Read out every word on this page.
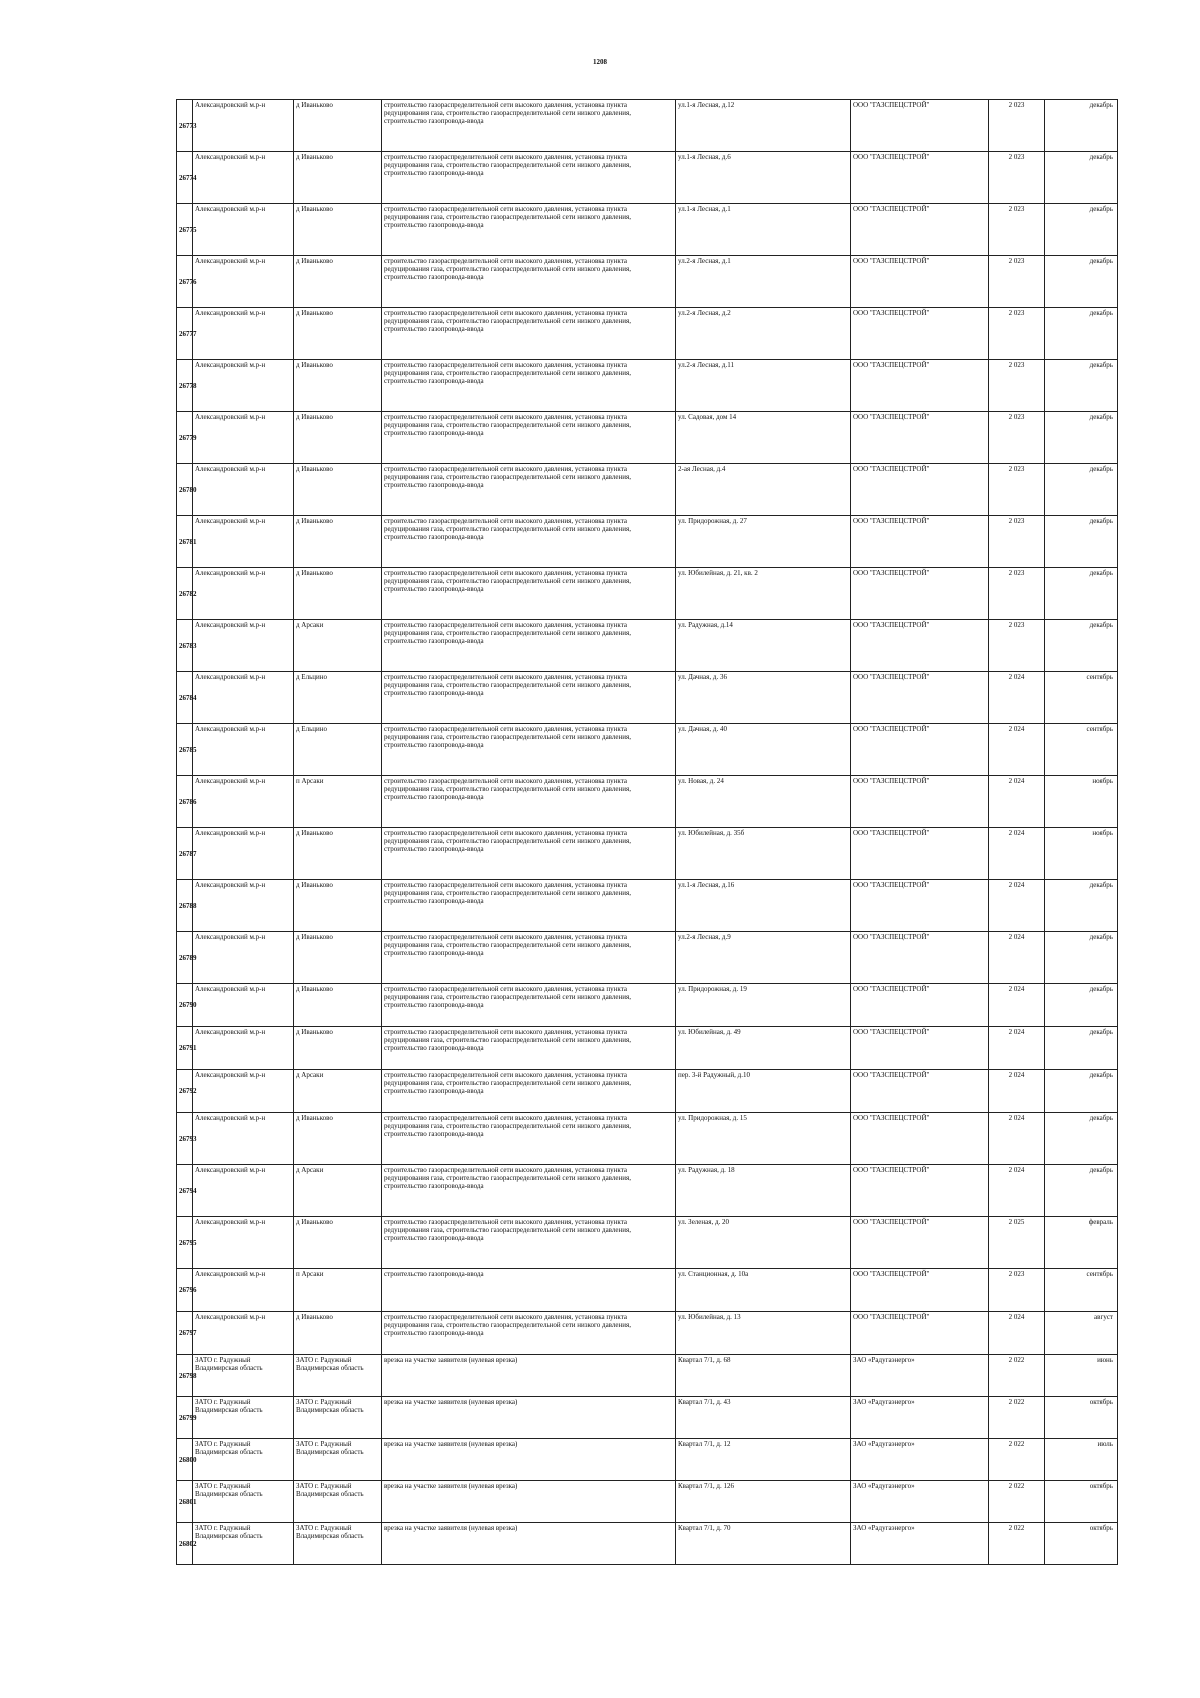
1208
26773	Александровский м.р-н	д Иваньково	строительство газораспределительной сети высокого давления, установка пункта редуцирования газа, строительство газораспределительной сети низкого давления, строительство газопровода-ввода	ул.1-я Лесная, д.12	ООО "ГАЗСПЕЦСТРОЙ"	2 023	декабрь
26774	Александровский м.р-н	д Иваньково	строительство газораспределительной сети высокого давления, установка пункта редуцирования газа, строительство газораспределительной сети низкого давления, строительство газопровода-ввода	ул.1-я Лесная, д.6	ООО "ГАЗСПЕЦСТРОЙ"	2 023	декабрь
26775	Александровский м.р-н	д Иваньково	строительство газораспределительной сети высокого давления, установка пункта редуцирования газа, строительство газораспределительной сети низкого давления, строительство газопровода-ввода	ул.1-я Лесная, д.1	ООО "ГАЗСПЕЦСТРОЙ"	2 023	декабрь
26776	Александровский м.р-н	д Иваньково	строительство газораспределительной сети высокого давления, установка пункта редуцирования газа, строительство газораспределительной сети низкого давления, строительство газопровода-ввода	ул.2-я Лесная, д.1	ООО "ГАЗСПЕЦСТРОЙ"	2 023	декабрь
26777	Александровский м.р-н	д Иваньково	строительство газораспределительной сети высокого давления, установка пункта редуцирования газа, строительство газораспределительной сети низкого давления, строительство газопровода-ввода	ул.2-я Лесная, д.2	ООО "ГАЗСПЕЦСТРОЙ"	2 023	декабрь
26778	Александровский м.р-н	д Иваньково	строительство газораспределительной сети высокого давления, установка пункта редуцирования газа, строительство газораспределительной сети низкого давления, строительство газопровода-ввода	ул.2-я Лесная, д.11	ООО "ГАЗСПЕЦСТРОЙ"	2 023	декабрь
26779	Александровский м.р-н	д Иваньково	строительство газораспределительной сети высокого давления, установка пункта редуцирования газа, строительство газораспределительной сети низкого давления, строительство газопровода-ввода	ул. Садовая, дом 14	ООО "ГАЗСПЕЦСТРОЙ"	2 023	декабрь
26780	Александровский м.р-н	д Иваньково	строительство газораспределительной сети высокого давления, установка пункта редуцирования газа, строительство газораспределительной сети низкого давления, строительство газопровода-ввода	2-ая Лесная, д.4	ООО "ГАЗСПЕЦСТРОЙ"	2 023	декабрь
26781	Александровский м.р-н	д Иваньково	строительство газораспределительной сети высокого давления, установка пункта редуцирования газа, строительство газораспределительной сети низкого давления, строительство газопровода-ввода	ул. Придорожная, д. 27	ООО "ГАЗСПЕЦСТРОЙ"	2 023	декабрь
26782	Александровский м.р-н	д Иваньково	строительство газораспределительной сети высокого давления, установка пункта редуцирования газа, строительство газораспределительной сети низкого давления, строительство газопровода-ввода	ул. Юбилейная, д. 21, кв. 2	ООО "ГАЗСПЕЦСТРОЙ"	2 023	декабрь
26783	Александровский м.р-н	д Арсаки	строительство газораспределительной сети высокого давления, установка пункта редуцирования газа, строительство газораспределительной сети низкого давления, строительство газопровода-ввода	ул. Радужная, д.14	ООО "ГАЗСПЕЦСТРОЙ"	2 023	декабрь
26784	Александровский м.р-н	д Ельцино	строительство газораспределительной сети высокого давления, установка пункта редуцирования газа, строительство газораспределительной сети низкого давления, строительство газопровода-ввода	ул. Дачная, д. 36	ООО "ГАЗСПЕЦСТРОЙ"	2 024	сентябрь
26785	Александровский м.р-н	д Ельцино	строительство газораспределительной сети высокого давления, установка пункта редуцирования газа, строительство газораспределительной сети низкого давления, строительство газопровода-ввода	ул. Дачная, д. 40	ООО "ГАЗСПЕЦСТРОЙ"	2 024	сентябрь
26786	Александровский м.р-н	п Арсаки	строительство газораспределительной сети высокого давления, установка пункта редуцирования газа, строительство газораспределительной сети низкого давления, строительство газопровода-ввода	ул. Новая, д. 24	ООО "ГАЗСПЕЦСТРОЙ"	2 024	ноябрь
26787	Александровский м.р-н	д Иваньково	строительство газораспределительной сети высокого давления, установка пункта редуцирования газа, строительство газораспределительной сети низкого давления, строительство газопровода-ввода	ул. Юбилейная, д. 35б	ООО "ГАЗСПЕЦСТРОЙ"	2 024	ноябрь
26788	Александровский м.р-н	д Иваньково	строительство газораспределительной сети высокого давления, установка пункта редуцирования газа, строительство газораспределительной сети низкого давления, строительство газопровода-ввода	ул.1-я Лесная, д.16	ООО "ГАЗСПЕЦСТРОЙ"	2 024	декабрь
26789	Александровский м.р-н	д Иваньково	строительство газораспределительной сети высокого давления, установка пункта редуцирования газа, строительство газораспределительной сети низкого давления, строительство газопровода-ввода	ул.2-я Лесная, д.9	ООО "ГАЗСПЕЦСТРОЙ"	2 024	декабрь
26790	Александровский м.р-н	д Иваньково	строительство газораспределительной сети высокого давления, установка пункта редуцирования газа, строительство газораспределительной сети низкого давления, строительство газопровода-ввода	ул. Придорожная, д. 19	ООО "ГАЗСПЕЦСТРОЙ"	2 024	декабрь
26791	Александровский м.р-н	д Иваньково	строительство газораспределительной сети высокого давления, установка пункта редуцирования газа, строительство газораспределительной сети низкого давления, строительство газопровода-ввода	ул. Юбилейная, д. 49	ООО "ГАЗСПЕЦСТРОЙ"	2 024	декабрь
26792	Александровский м.р-н	д Арсаки	строительство газораспределительной сети высокого давления, установка пункта редуцирования газа, строительство газораспределительной сети низкого давления, строительство газопровода-ввода	пер. 3-й Радужный, д.10	ООО "ГАЗСПЕЦСТРОЙ"	2 024	декабрь
26793	Александровский м.р-н	д Иваньково	строительство газораспределительной сети высокого давления, установка пункта редуцирования газа, строительство газораспределительной сети низкого давления, строительство газопровода-ввода	ул. Придорожная, д. 15	ООО "ГАЗСПЕЦСТРОЙ"	2 024	декабрь
26794	Александровский м.р-н	д Арсаки	строительство газораспределительной сети высокого давления, установка пункта редуцирования газа, строительство газораспределительной сети низкого давления, строительство газопровода-ввода	ул. Радужная, д. 18	ООО "ГАЗСПЕЦСТРОЙ"	2 024	декабрь
26795	Александровский м.р-н	д Иваньково	строительство газораспределительной сети высокого давления, установка пункта редуцирования газа, строительство газораспределительной сети низкого давления, строительство газопровода-ввода	ул. Зеленая, д. 20	ООО "ГАЗСПЕЦСТРОЙ"	2 025	февраль
26796	Александровский м.р-н	п Арсаки	строительство газопровода-ввода	ул. Станционная, д. 10а	ООО "ГАЗСПЕЦСТРОЙ"	2 023	сентябрь
26797	Александровский м.р-н	д Иваньково	строительство газораспределительной сети высокого давления, установка пункта редуцирования газа, строительство газораспределительной сети низкого давления, строительство газопровода-ввода	ул. Юбилейная, д. 13	ООО "ГАЗСПЕЦСТРОЙ"	2 024	август
26798	ЗАТО г. Радужный Владимирская область	ЗАТО г. Радужный Владимирская область	врезка на участке заявителя (нулевая врезка)	Квартал 7/1, д. 68	ЗАО «Радугаэнерго»	2 022	июнь
26799	ЗАТО г. Радужный Владимирская область	ЗАТО г. Радужный Владимирская область	врезка на участке заявителя (нулевая врезка)	Квартал 7/1, д. 43	ЗАО «Радугаэнерго»	2 022	октябрь
26800	ЗАТО г. Радужный Владимирская область	ЗАТО г. Радужный Владимирская область	врезка на участке заявителя (нулевая врезка)	Квартал 7/1, д. 12	ЗАО «Радугаэнерго»	2 022	июль
26801	ЗАТО г. Радужный Владимирская область	ЗАТО г. Радужный Владимирская область	врезка на участке заявителя (нулевая врезка)	Квартал 7/1, д. 126	ЗАО «Радугаэнерго»	2 022	октябрь
26802	ЗАТО г. Радужный Владимирская область	ЗАТО г. Радужный Владимирская область	врезка на участке заявителя (нулевая врезка)	Квартал 7/1, д. 70	ЗАО «Радугаэнерго»	2 022	октябрь
